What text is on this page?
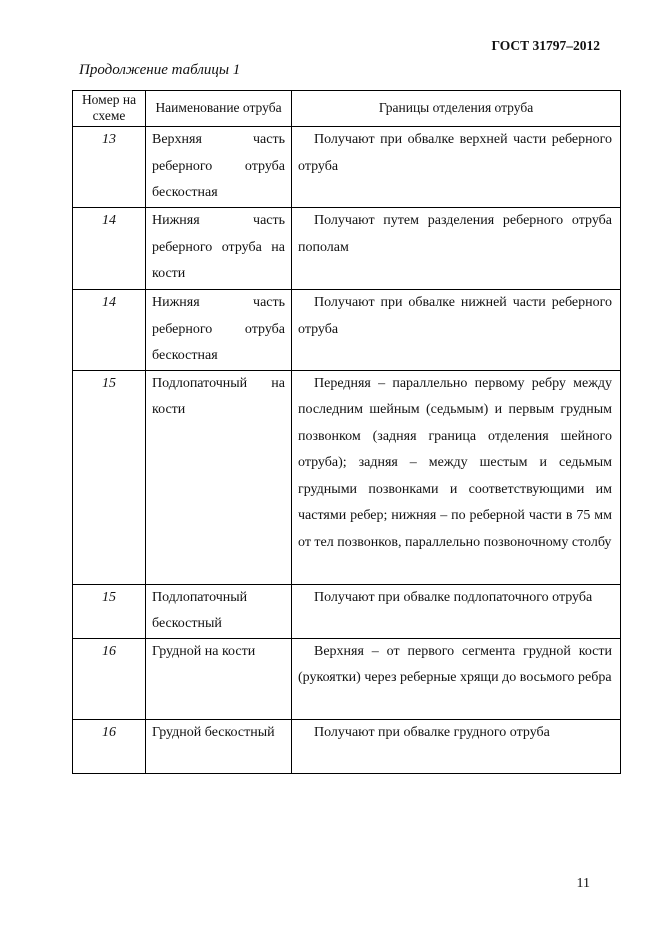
ГОСТ 31797–2012
Продолжение таблицы 1
Номер на схеме	Наименование отруба	Границы отделения отруба
13	Верхняя часть реберного отруба бескостная	Получают при обвалке верхней части реберного отруба
14	Нижняя часть реберного отруба на кости	Получают путем разделения реберного отруба пополам
14	Нижняя часть реберного отруба бескостная	Получают при обвалке нижней части реберного отруба
15	Подлопаточный на кости	Передняя – параллельно первому ребру между последним шейным (седьмым) и первым грудным позвонком (задняя граница отделения шейного отруба); задняя – между шестым и седьмым грудными позвонками и соответствующими им частями ребер; нижняя – по реберной части в 75 мм от тел позвонков, параллельно позвоночному столбу
15	Подлопаточный бескостный	Получают при обвалке подлопаточного отруба
16	Грудной на кости	Верхняя – от первого сегмента грудной кости (рукоятки) через реберные хрящи до восьмого ребра
16	Грудной бескостный	Получают при обвалке грудного отруба
11
